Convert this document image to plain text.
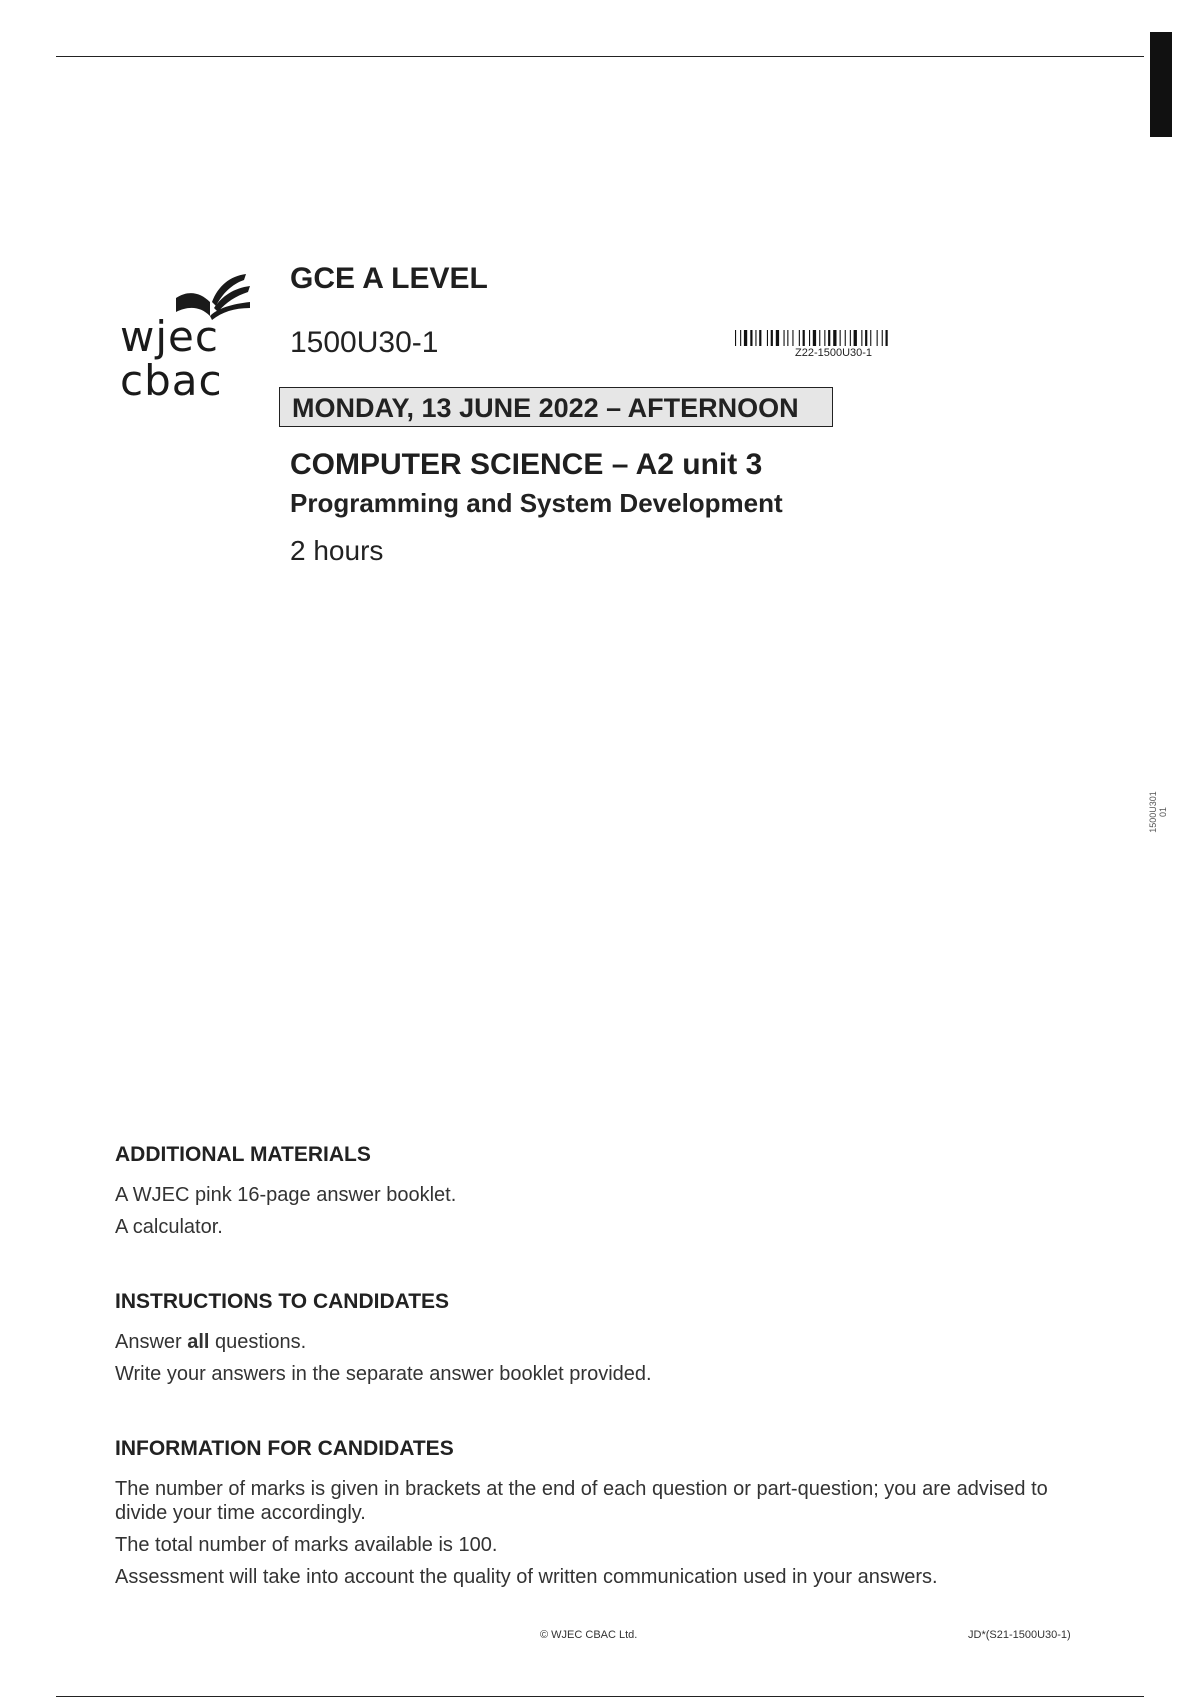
wjec
cbac
GCE A LEVEL
1500U30-1	Z22-1500U30-1
MONDAY, 13 JUNE 2022 – AFTERNOON
COMPUTER SCIENCE – A2 unit 3
Programming and System Development
2 hours
1500U301 01
ADDITIONAL MATERIALS

A WJEC pink 16-page answer booklet.

A calculator.

INSTRUCTIONS TO CANDIDATES

Answer all questions.

Write your answers in the separate answer booklet provided.

INFORMATION FOR CANDIDATES

The number of marks is given in brackets at the end of each question or part-question; you are advised to divide your time accordingly.

The total number of marks available is 100.

Assessment will take into account the quality of written communication used in your answers.

© WJEC CBAC Ltd.	JD*(S21-1500U30-1)
